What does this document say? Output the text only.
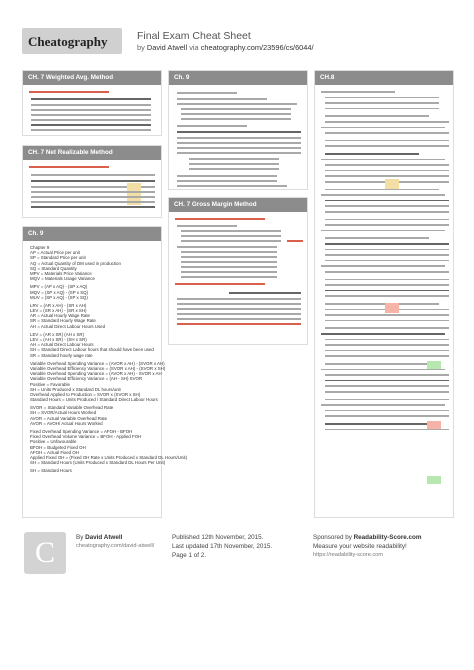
Cheatography	Final Exam Cheat Sheet
by David Atwell via cheatography.com/23596/cs/6044/
CH. 7 Weighted Avg. Method
CH. 7 Net Realizable Method
Ch. 9
Chapter 9
AP = Actual Price per unit
SP = Standard Price per unit
AQ = Actual Quantity of DM used in production
SQ = Standard Quantity
MPV = Materials Price Variance
MQV = Materials Usage Variance
MPV = (AP x AQ) - (SP x AQ)
MQV = (SP x AQ) - (SP x SQ)
MUV = (SP x AQ) - (SP x SQ)
LRV = (AR x AH) - (SR x AH)
LEV = (SR x AH) - (SR x SH)
AR = Actual Hourly Wage Rate
SR = Standard Hourly Wage Rate
AH = Actual Direct Labour Hours Used
LEV = (AR x SR) (AH x SR)
LEV = (AH x SR) - (SH x SR)
AH = Actual Direct Labour Hours
SH = Standard Direct Labour hours that should have been used
SR = Standard hourly wage rate
Variable Overhead Spending Variance = (AVOR x AH) - (SVOR x AH)
Variable Overhead Efficiency Variance = (SVOR x AH) - (SVOR x SH)
Variable Overhead Spending Variance = (AVOR x AH) - SVOR x AH
Variable Overhead Efficiency Variance = (AH - SH) SVOR
Positive = Favorable
SH = Units Produced x Standard DL hours/unit
Overhead Applied to Production = SVOR x (SVOR x SH)
Standard Hours = Units Produced / Standard Direct Labour Hours
SVOR = Standard Variable Overhead Rate
SH = SVOR/Actual Hours Worked
AVOR = Actual Variable Overhead Rate
AVOR = AVOH/ Actual Hours Worked
Fixed Overhead Spending Variance = AFOH - BFOH
Fixed Overhead Volume Variance = BFOH - Applied FOH
Positive = Unfavourable
BFOH = Budgeted Fixed OH
AFOH = Actual Fixed OH
Applied Fixed OH = (Fixed OH Rate x Units Produced x Standard DL Hours/Unit)
SH = Standard Hours (Units Produced x Standard DL Hours Per Unit)
SH = Standard Hours
Ch. 9
CH. 7 Gross Margin Method
CH.8
C	By David Atwell
cheatography.com/david-atwell/
Published 12th November, 2015.
Last updated 17th November, 2015.
Page 1 of 2.
Sponsored by Readability-Score.com
Measure your website readability!
https://readability-score.com
